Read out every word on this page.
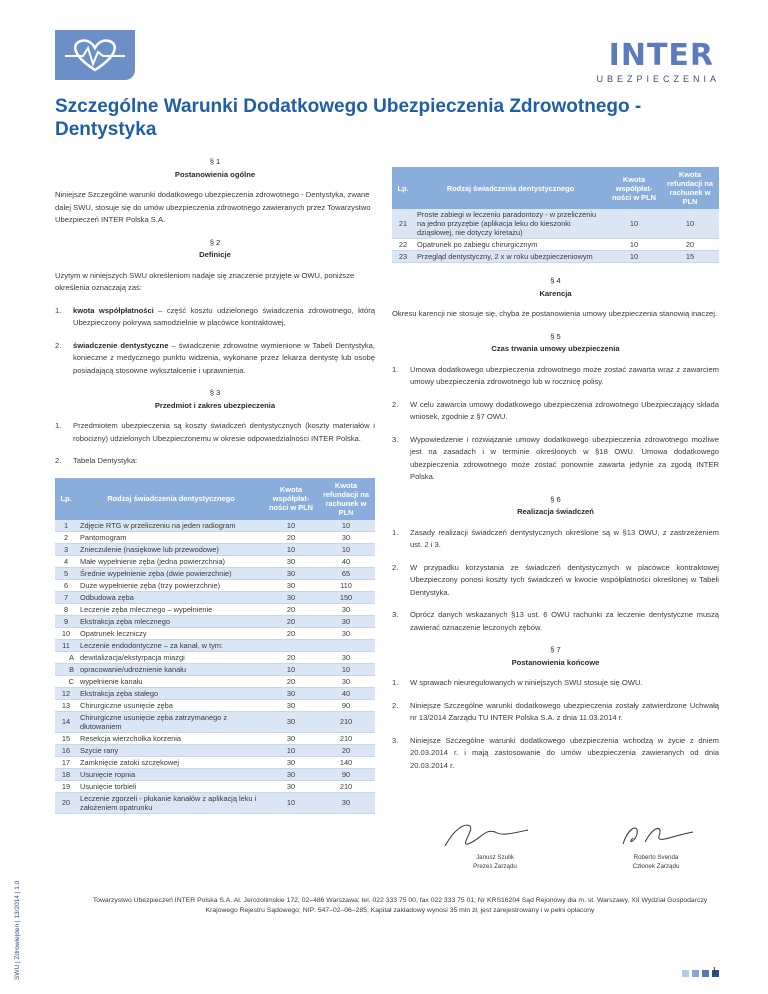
INTER
UBEZPIECZENIA
Szczególne Warunki Dodatkowego Ubezpieczenia Zdrowotnego - Dentystyka
§ 1
Postanowienia ogólne

Niniejsze Szczególne warunki dodatkowego ubezpieczenia zdrowotnego - Dentystyka, zwane dalej SWU, stosuje się do umów ubezpieczenia zdrowotnego zawieranych przez Towarzystwo Ubezpieczeń INTER Polska S.A.

§ 2
Definicje

Użytym w niniejszych SWU określeniom nadaje się znaczenie przyjęte w OWU, poniższe określenia oznaczają zaś:

1.	kwota współpłatności – część kosztu udzielonego świadczenia zdrowotnego, którą Ubezpieczony pokrywa samodzielnie w placówce kontraktowej,
2.	świadczenie dentystyczne – świadczenie zdrowotne wymienione w Tabeli Dentystyka, konieczne z medycznego punktu widzenia, wykonane przez lekarza dentystę lub osobę posiadającą stosowne wykształcenie i uprawnienia.
§ 3
Przedmiot i zakres ubezpieczenia
1.	Przedmiotem ubezpieczenia są koszty świadczeń dentystycznych (koszty materiałów i robocizny) udzielonych Ubezpieczonemu w okresie odpowiedzialności INTER Polska.
2.	Tabela Dentystyka:
Lp.	Rodzaj świadczenia dentystycznego	Kwota współpłat-ności w PLN	Kwota refundacji na rachunek w PLN
1	Zdjęcie RTG w przeliczeniu na jeden radiogram	10	10
2	Pantomogram	20	30
3	Znieczulenie (nasiękowe lub przewodowe)	10	10
4	Małe wypełnienie zęba (jedna powierzchnia)	30	40
5	Średnie wypełnienie zęba (dwie powierzchnie)	30	65
6	Duże wypełnienie zęba (trzy powierzchnie)	30	110
7	Odbudowa zęba	30	150
8	Leczenie zęba mlecznego – wypełnienie	20	30
9	Ekstrakcja zęba mlecznego	20	30
10	Opatrunek leczniczy	20	30
11	Leczenie endodontyczne – za kanał, w tym:		
A	dewitalizacja/ekstyrpacja miazgi	20	30
B	opracowanie/udrożnienie kanału	10	10
C	wypełnienie kanału	20	30
12	Ekstrakcja zęba stałego	30	40
13	Chirurgiczne usunięcie zęba	30	90
14	Chirurgiczne usunięcie zęba zatrzymanego z dłutowaniem	30	210
15	Resekcja wierzchołka korzenia	30	210
16	Szycie rany	10	20
17	Zamknięcie zatoki szczękowej	30	140
18	Usunięcie ropnia	30	90
19	Usunięcie torbieli	30	210
20	Leczenie zgorzeli - płukanie kanałów z aplikacją leku i założeniem opatrunku	10	30
Lp.	Rodzaj świadczenia dentystycznego	Kwota współpłat-ności w PLN	Kwota refundacji na rachunek w PLN
21	Proste zabiegi w leczeniu paradontozy - w przeliczeniu na jedno przyzębie (aplikacja leku do kieszonki dziąsłowej, nie dotyczy kiretażu)	10	10
22	Opatrunek po zabiegu chirurgicznym	10	20
23	Przegląd dentystyczny, 2 x w roku ubezpieczeniowym	10	15
§ 4
Karencja

Okresu karencji nie stosuje się, chyba że postanowienia umowy ubezpieczenia stanowią inaczej.

§ 5
Czas trwania umowy ubezpieczenia
1.	Umowa dodatkowego ubezpieczenia zdrowotnego może zostać zawarta wraz z zawarciem umowy ubezpieczenia zdrowotnego lub w rocznicę polisy.
2.	W celu zawarcia umowy dodatkowego ubezpieczenia zdrowotnego Ubezpieczający składa wniosek, zgodnie z §7 OWU.
3.	Wypowiedzenie i rozwiązanie umowy dodatkowego ubezpieczenia zdrowotnego możliwe jest na zasadach i w terminie określonych w §18 OWU. Umowa dodatkowego ubezpieczenia zdrowotnego może zostać ponownie zawarta jedynie za zgodą INTER Polska.
§ 6
Realizacja świadczeń
1.	Zasady realizacji świadczeń dentystycznych określone są w §13 OWU, z zastrzeżeniem ust. 2 i 3.
2.	W przypadku korzystania ze świadczeń dentystycznych w placówce kontraktowej Ubezpieczony ponosi koszty tych świadczeń w kwocie współpłatności określonej w Tabeli Dentystyka.
3.	Oprócz danych wskazanych §13 ust. 6 OWU rachunki za leczenie dentystyczne muszą zawierać oznaczenie leczonych zębów.
§ 7
Postanowienia końcowe
1.	W sprawach nieuregulowanych w niniejszych SWU stosuje się OWU.
2.	Niniejsze Szczególne warunki dodatkowego ubezpieczenia zostały zatwierdzone Uchwałą nr 13/2014 Zarządu TU INTER Polska S.A. z dnia 11.03.2014 r.
3.	Niniejsze Szczególne warunki dodatkowego ubezpieczenia wchodzą w życie z dniem 20.03.2014 r. i mają zastosowanie do umów ubezpieczenia zawieranych od dnia 20.03.2014 r.
Janusz Szulik
Prezes Zarządu
Roberto Svenda
Członek Zarządu
Towarzystwo Ubezpieczeń INTER Polska S.A. Al. Jerozolimskie 172, 02–486 Warszawa; tel. 022 333 75 00, fax 022 333 75 01; Nr KRS16204 Sąd Rejonowy dla m. st. Warszawy, XII Wydział Gospodarczy Krajowego Rejestru Sądowego; NIP: 547–02–06–285; Kapitał zakładowy wynosi 35 mln zł, jest zarejestrowany i w pełni opłacony
SWU | Zdrowie|den | 13/2014 | 1.0	1
